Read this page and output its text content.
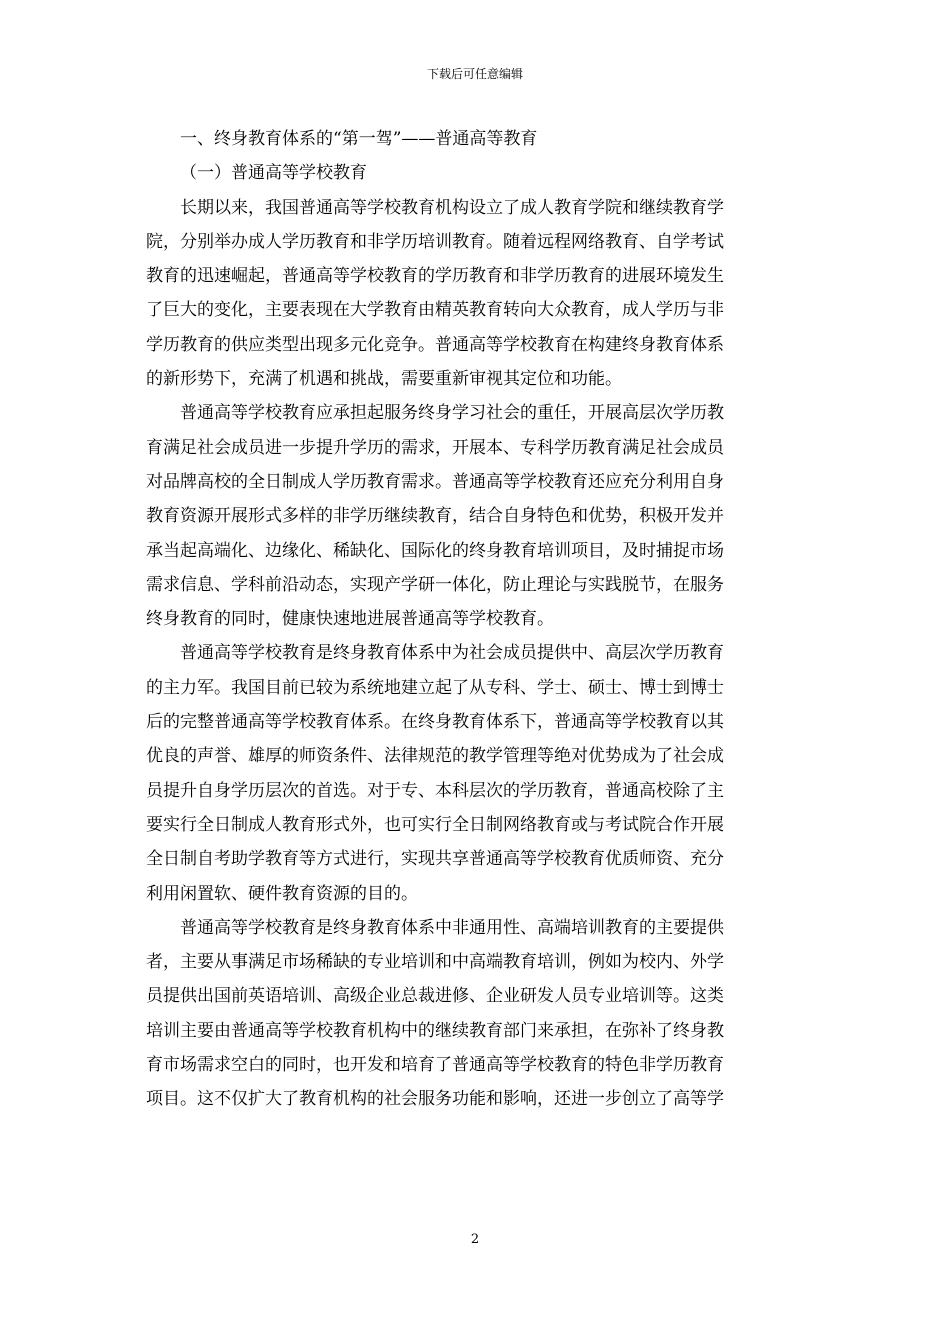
下载后可任意编辑
一、终身教育体系的“第一驾”——普通高等教育
（一）普通高等学校教育
长期以来，我国普通高等学校教育机构设立了成人教育学院和继续教育学
院，分别举办成人学历教育和非学历培训教育。随着远程网络教育、自学考试
教育的迅速崛起，普通高等学校教育的学历教育和非学历教育的进展环境发生
了巨大的变化，主要表现在大学教育由精英教育转向大众教育，成人学历与非
学历教育的供应类型出现多元化竞争。普通高等学校教育在构建终身教育体系
的新形势下，充满了机遇和挑战，需要重新审视其定位和功能。
普通高等学校教育应承担起服务终身学习社会的重任，开展高层次学历教
育满足社会成员进一步提升学历的需求，开展本、专科学历教育满足社会成员
对品牌高校的全日制成人学历教育需求。普通高等学校教育还应充分利用自身
教育资源开展形式多样的非学历继续教育，结合自身特色和优势，积极开发并
承当起高端化、边缘化、稀缺化、国际化的终身教育培训项目，及时捕捉市场
需求信息、学科前沿动态，实现产学研一体化，防止理论与实践脱节，在服务
终身教育的同时，健康快速地进展普通高等学校教育。
普通高等学校教育是终身教育体系中为社会成员提供中、高层次学历教育
的主力军。我国目前已较为系统地建立起了从专科、学士、硕士、博士到博士
后的完整普通高等学校教育体系。在终身教育体系下，普通高等学校教育以其
优良的声誉、雄厚的师资条件、法律规范的教学管理等绝对优势成为了社会成
员提升自身学历层次的首选。对于专、本科层次的学历教育，普通高校除了主
要实行全日制成人教育形式外，也可实行全日制网络教育或与考试院合作开展
全日制自考助学教育等方式进行，实现共享普通高等学校教育优质师资、充分
利用闲置软、硬件教育资源的目的。
普通高等学校教育是终身教育体系中非通用性、高端培训教育的主要提供
者，主要从事满足市场稀缺的专业培训和中高端教育培训，例如为校内、外学
员提供出国前英语培训、高级企业总裁进修、企业研发人员专业培训等。这类
培训主要由普通高等学校教育机构中的继续教育部门来承担，在弥补了终身教
育市场需求空白的同时，也开发和培育了普通高等学校教育的特色非学历教育
项目。这不仅扩大了教育机构的社会服务功能和影响，还进一步创立了高等学
2
